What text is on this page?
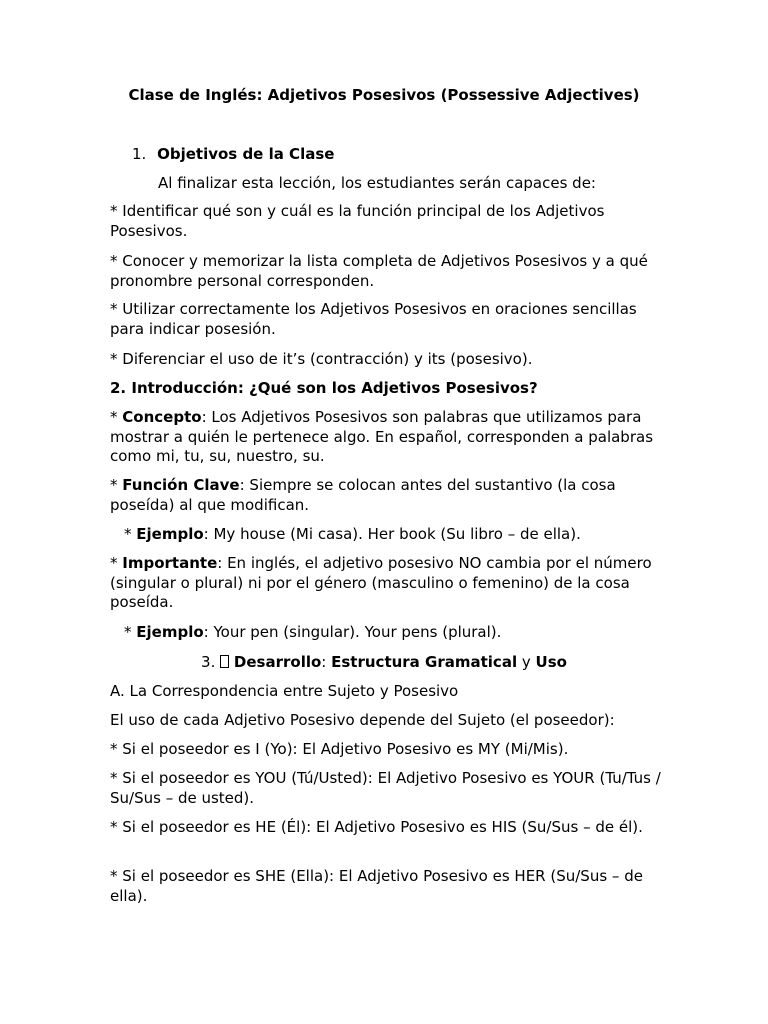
Clase de Inglés: Adjetivos Posesivos (Possessive Adjectives)
1. Objetivos de la Clase
Al finalizar esta lección, los estudiantes serán capaces de:
* Identificar qué son y cuál es la función principal de los Adjetivos Posesivos.
* Conocer y memorizar la lista completa de Adjetivos Posesivos y a qué pronombre personal corresponden.
* Utilizar correctamente los Adjetivos Posesivos en oraciones sencillas para indicar posesión.
* Diferenciar el uso de it’s (contracción) y its (posesivo).
2. Introducción: ¿Qué son los Adjetivos Posesivos?
* Concepto: Los Adjetivos Posesivos son palabras que utilizamos para mostrar a quién le pertenece algo. En español, corresponden a palabras como mi, tu, su, nuestro, su.
* Función Clave: Siempre se colocan antes del sustantivo (la cosa poseída) al que modifican.
* Ejemplo: My house (Mi casa). Her book (Su libro – de ella).
* Importante: En inglés, el adjetivo posesivo NO cambia por el número (singular o plural) ni por el género (masculino o femenino) de la cosa poseída.
* Ejemplo: Your pen (singular). Your pens (plural).
3.  Desarrollo: Estructura Gramatical y Uso
A. La Correspondencia entre Sujeto y Posesivo
El uso de cada Adjetivo Posesivo depende del Sujeto (el poseedor):
* Si el poseedor es I (Yo): El Adjetivo Posesivo es MY (Mi/Mis).
* Si el poseedor es YOU (Tú/Usted): El Adjetivo Posesivo es YOUR (Tu/Tus / Su/Sus – de usted).
* Si el poseedor es HE (Él): El Adjetivo Posesivo es HIS (Su/Sus – de él).
* Si el poseedor es SHE (Ella): El Adjetivo Posesivo es HER (Su/Sus – de ella).
